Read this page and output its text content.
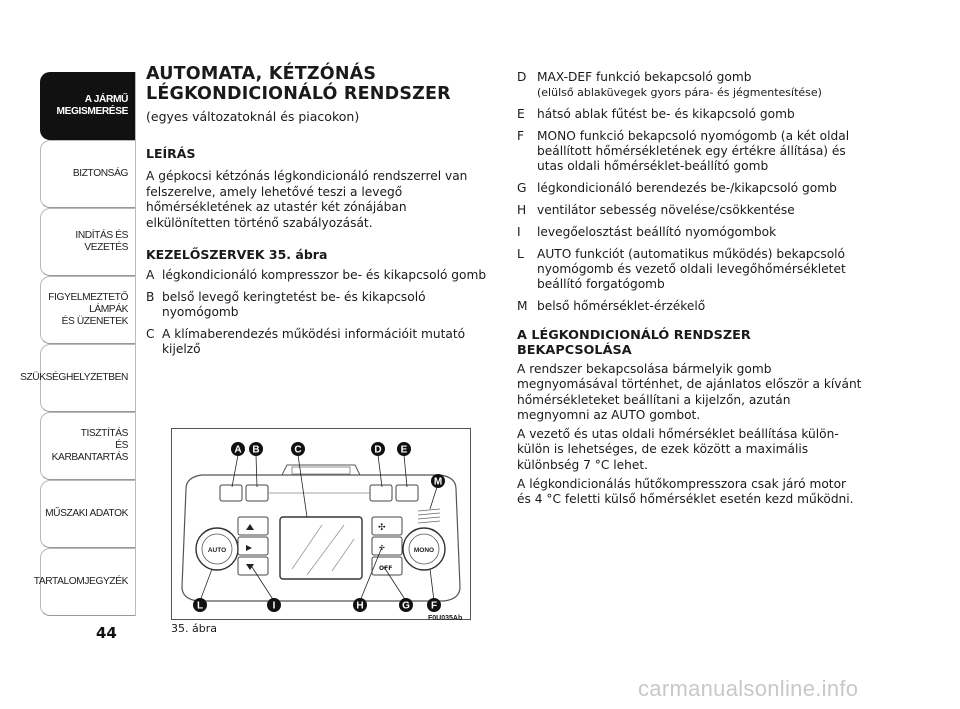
A JÁRMŰ
MEGISMERÉSE
BIZTONSÁG
INDÍTÁS ÉS VEZETÉS
FIGYELMEZTETŐ
LÁMPÁK
ÉS ÜZENETEK
SZÜKSÉGHELYZETBEN
TISZTÍTÁS
ÉS KARBANTARTÁS
MŰSZAKI ADATOK
TARTALOMJEGYZÉK
44
AUTOMATA, KÉTZÓNÁS
LÉGKONDICIONÁLÓ RENDSZER
(egyes változatoknál és piacokon)
LEÍRÁS
A gépkocsi kétzónás légkondicionáló rendszerrel van felszerelve, amely lehetővé teszi a levegő hőmérsékletének az utastér két zónájában elkülönítetten történő szabályozását.
KEZELŐSZERVEK 35. ábra
A légkondicionáló kompresszor be- és kikapcsoló gomb
B belső levegő keringtetést be- és kikapcsoló nyomógomb
C A klímaberendezés működési információit mutató kijelző
D MAX-DEF funkció bekapcsoló gomb
(elülső ablaküvegek gyors pára- és jégmentesítése)
E	hátsó ablak fűtést be- és kikapcsoló gomb
F	MONO funkció bekapcsoló nyomógomb (a két oldal beállított hőmérsékletének egy értékre állítása) és utas oldali hőmérséklet-beállító gomb
G légkondicionáló berendezés be-/kikapcsoló gomb
H ventilátor sebesség növelése/csökkentése
I	levegőelosztást beállító nyomógombok
L	AUTO funkciót (automatikus működés) bekapcsoló nyomógomb és vezető oldali levegőhőmérsékletet beállító forgatógomb
M belső hőmérséklet-érzékelő
A LÉGKONDICIONÁLÓ RENDSZER BEKAPCSOLÁSA
A rendszer bekapcsolása bármelyik gomb megnyomásával történhet, de ajánlatos először a kívánt hőmérsékleteket beállítani a kijelzőn, azután megnyomni az AUTO gombot.
A vezető és utas oldali hőmérséklet beállítása külön-külön is lehetséges, de ezek között a maximális különbség 7 °C lehet.
A légkondicionálás hűtőkompresszora csak járó motor és 4 °C feletti külső hőmérséklet esetén kezd működni.
✣
✣
OFF
AUTO	MONO
A B	C	D E
M
L	I	H	G F
35. ábra
F0U035Ab
carmanualsonline.info
